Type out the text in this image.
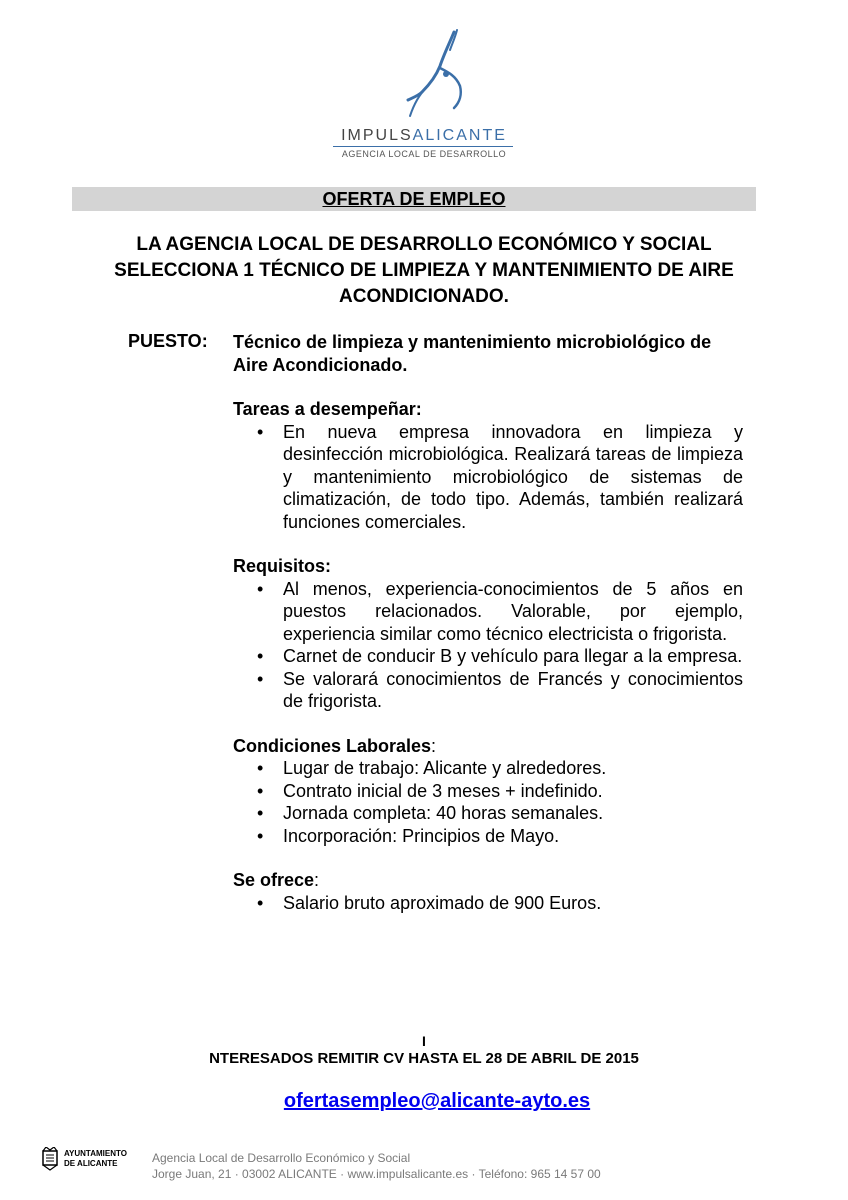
IMPULSALICANTE
AGENCIA LOCAL DE DESARROLLO
OFERTA DE EMPLEO
LA AGENCIA LOCAL DE DESARROLLO ECONÓMICO Y SOCIAL SELECCIONA 1 TÉCNICO DE LIMPIEZA Y MANTENIMIENTO DE AIRE ACONDICIONADO.
PUESTO: Técnico de limpieza y mantenimiento microbiológico de Aire Acondicionado.

Tareas a desempeñar:

• En nueva empresa innovadora en limpieza y desinfección microbiológica. Realizará tareas de limpieza y mantenimiento microbiológico de sistemas de climatización, de todo tipo. Además, también realizará funciones comerciales.

Requisitos:

• Al menos, experiencia-conocimientos de 5 años en puestos relacionados. Valorable, por ejemplo, experiencia similar como técnico electricista o frigorista.
• Carnet de conducir B y vehículo para llegar a la empresa.
• Se valorará conocimientos de Francés y conocimientos de frigorista.

Condiciones Laborales:

• Lugar de trabajo: Alicante y alrededores.
• Contrato inicial de 3 meses + indefinido.
• Jornada completa: 40 horas semanales.
• Incorporación: Principios de Mayo.

Se ofrece:

• Salario bruto aproximado de 900 Euros.
I
NTERESADOS REMITIR CV HASTA EL 28 DE ABRIL DE 2015
ofertasempleo@alicante-ayto.es
AYUNTAMIENTO
DE ALICANTE	Agencia Local de Desarrollo Económico y Social
Jorge Juan, 21 · 03002 ALICANTE · www.impulsalicante.es · Teléfono: 965 14 57 00
